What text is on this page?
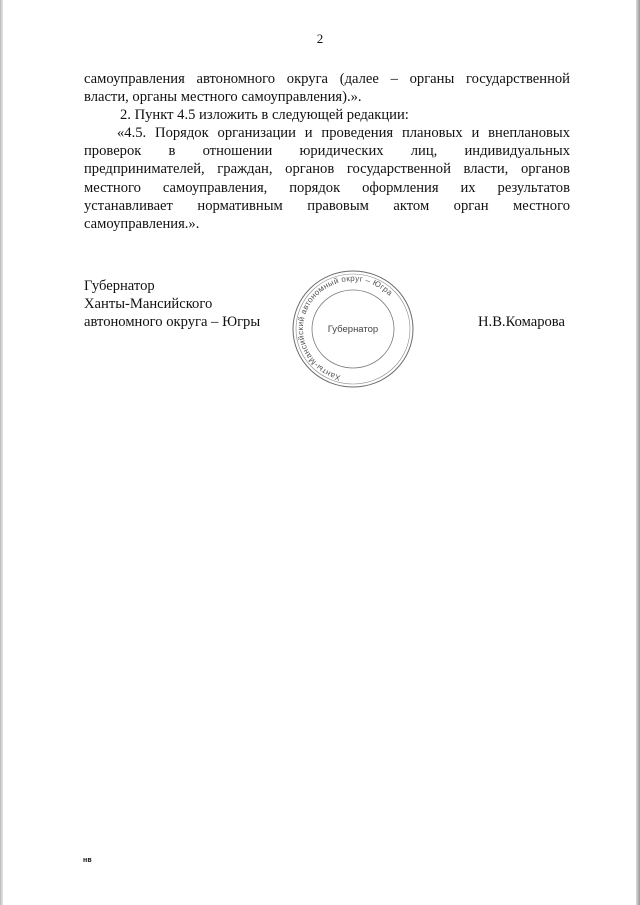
2
самоуправления автономного округа (далее – органы государственной
власти, органы местного самоуправления).».
2. Пункт 4.5 изложить в следующей редакции:
«4.5. Порядок организации и проведения плановых и внеплановых
проверок в отношении юридических лиц, индивидуальных
предпринимателей, граждан, органов государственной власти, органов
местного самоуправления, порядок оформления их результатов
устанавливает нормативным правовым актом орган местного
самоуправления.».
Губернатор
Ханты-Мансийского
автономного округа – Югры
Ханты-Мансийский автономный округ – Югра
Губернатор	Н.В.Комарова
нв
